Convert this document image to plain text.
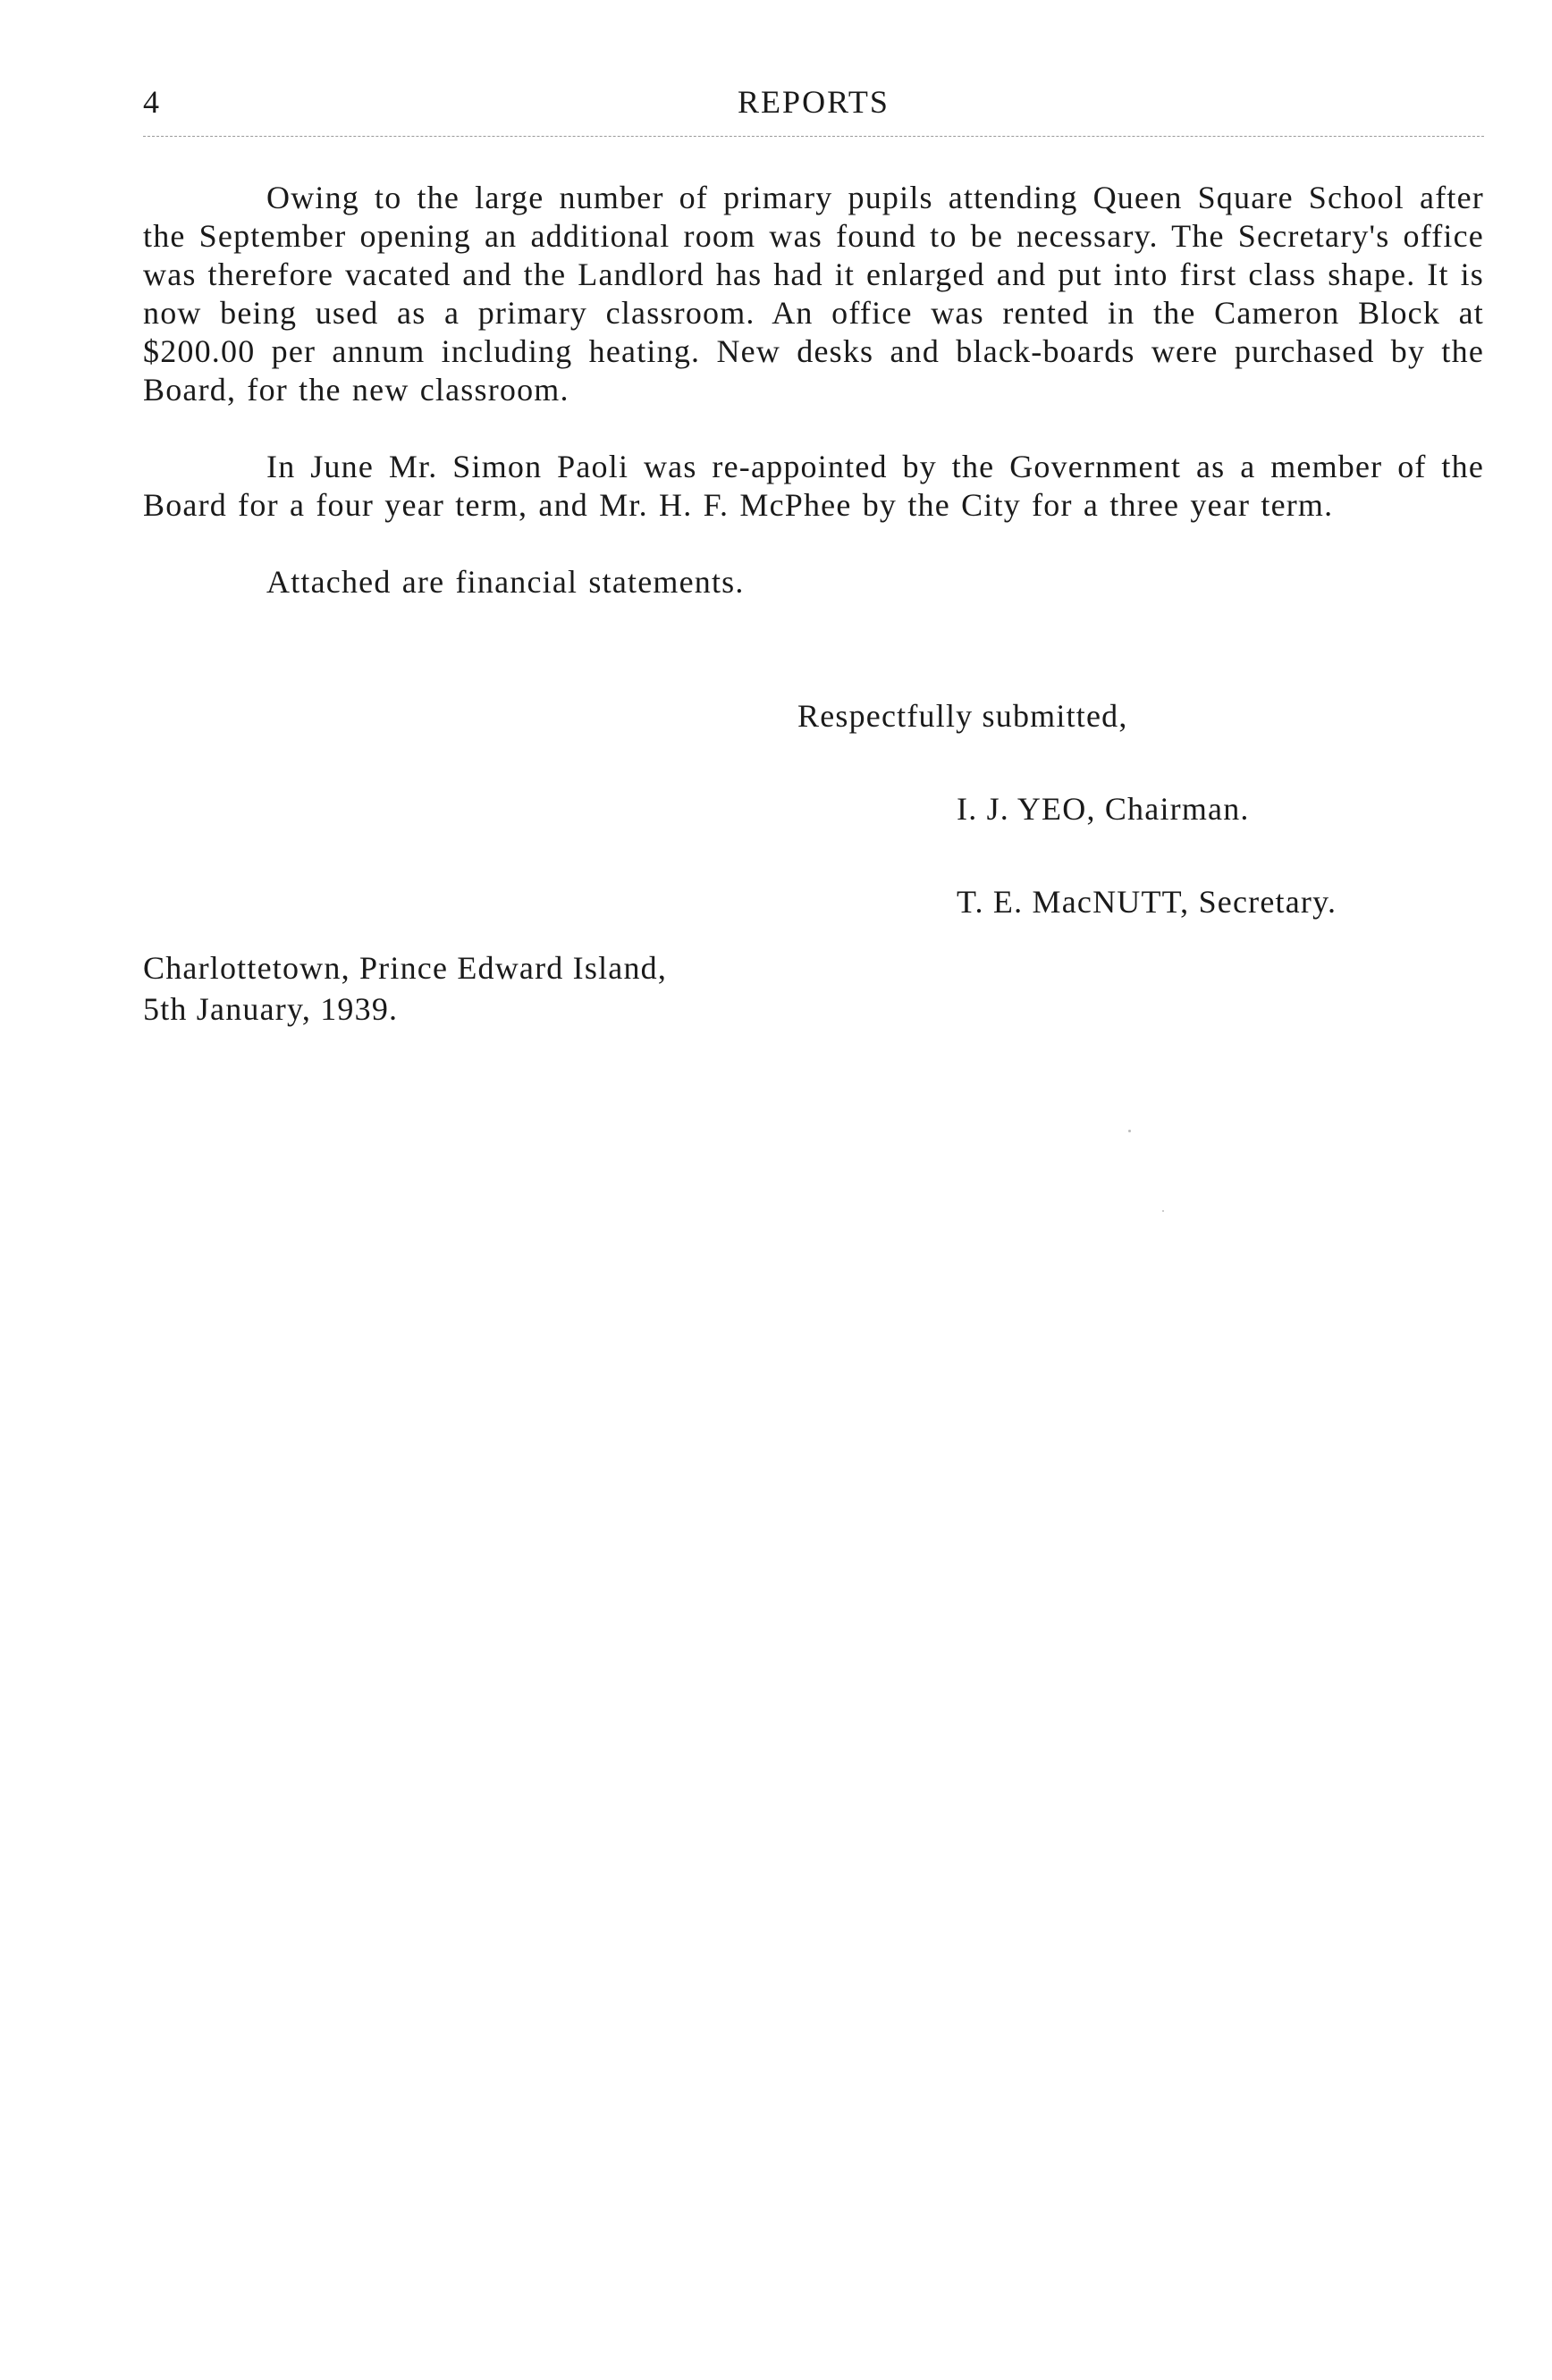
4	REPORTS

Owing to the large number of primary pupils attending Queen Square School after the September opening an additional room was found to be necessary. The Secretary's office was therefore vacated and the Landlord has had it enlarged and put into first class shape. It is now being used as a primary classroom. An office was rented in the Cameron Block at $200.00 per annum including heating. New desks and black-boards were purchased by the Board, for the new classroom.

In June Mr. Simon Paoli was re-appointed by the Government as a member of the Board for a four year term, and Mr. H. F. McPhee by the City for a three year term.

Attached are financial statements.

Respectfully submitted,
I. J. YEO, Chairman.
T. E. MacNUTT, Secretary.
Charlottetown, Prince Edward Island,
5th January, 1939.
